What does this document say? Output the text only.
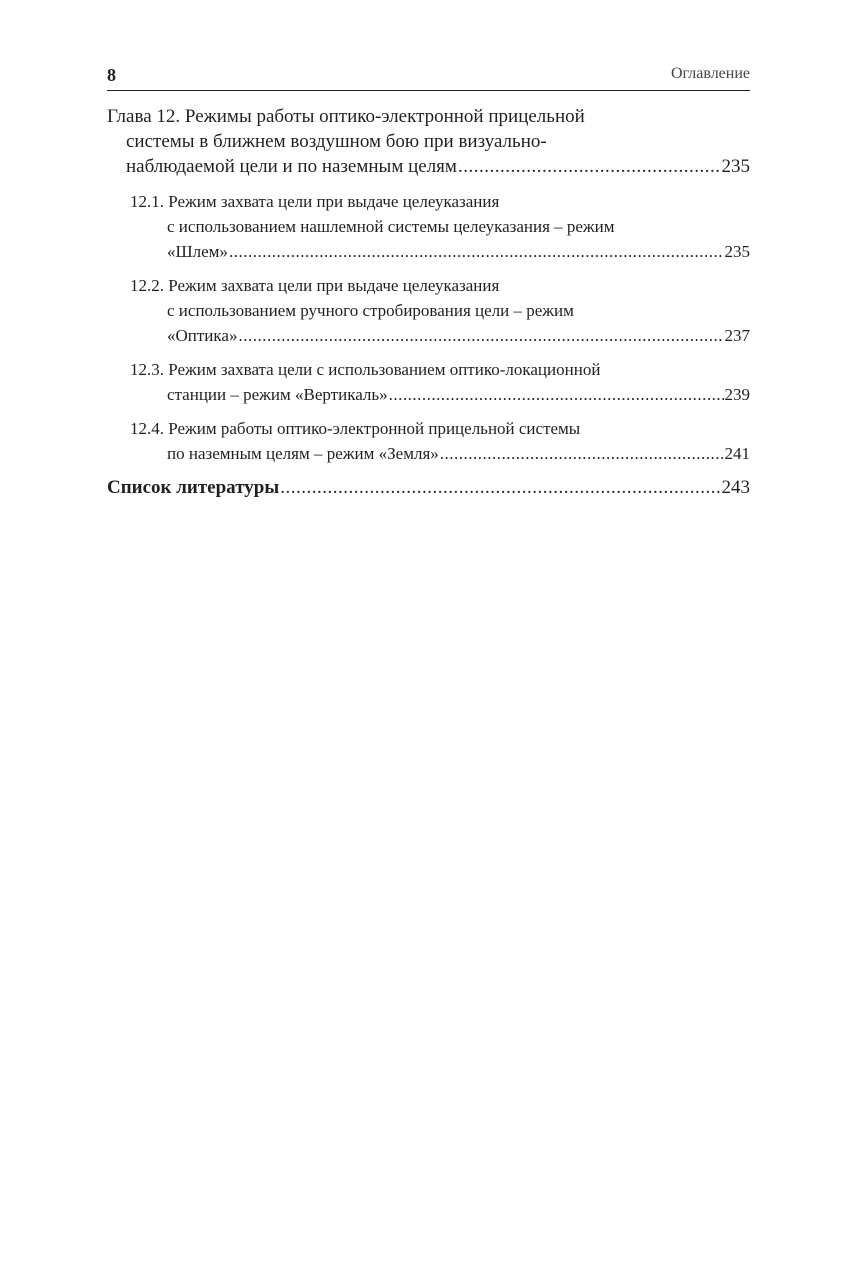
8	Оглавление
Глава 12. Режимы работы оптико-электронной прицельной
системы в ближнем воздушном бою при визуально-
наблюдаемой цели и по наземным целям .....	235
12.1. Режим захвата цели при выдаче целеуказания
с использованием нашлемной системы целеуказания – режим
«Шлем» .....	235
12.2. Режим захвата цели при выдаче целеуказания
с использованием ручного стробирования цели – режим
«Оптика» .....	237
12.3. Режим захвата цели с использованием оптико-локационной
станции – режим «Вертикаль» .....	239
12.4. Режим работы оптико-электронной прицельной системы
по наземным целям – режим «Земля» .....	241
Список литературы .....	243
